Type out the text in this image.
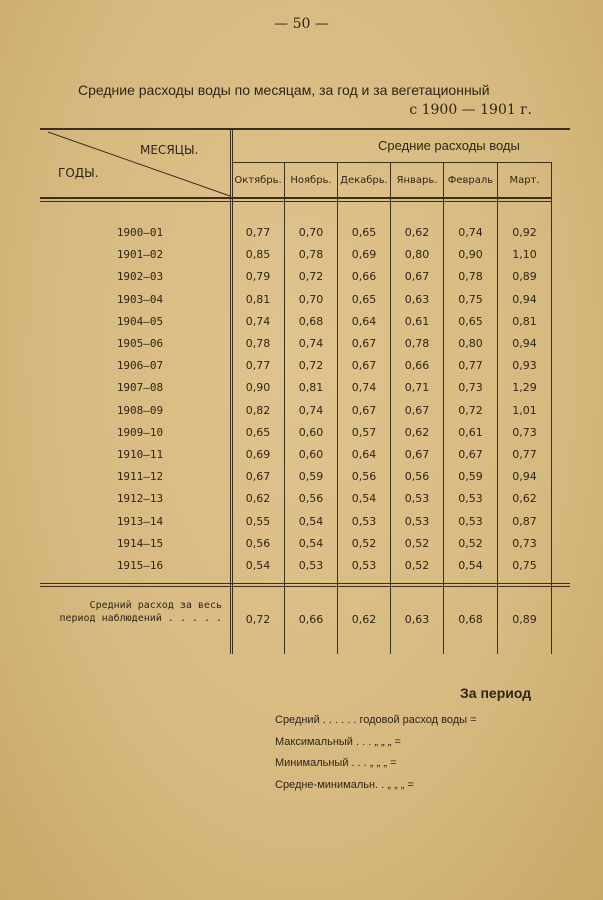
— 50 —
Средние расходы воды по месяцам, за год и за вегетационный
с 1900 — 1901 г.
МЕСЯЦЫ.
ГОДЫ.
Средние расходы воды
Октябрь. Ноябрь. Декабрь. Январь.	Февраль	Март.
1900—01	0,77	0,70	0,65	0,62	0,74	0,92
1901—02	0,85	0,78	0,69	0,80	0,90	1,10
1902—03	0,79	0,72	0,66	0,67	0,78	0,89
1903—04	0,81	0,70	0,65	0,63	0,75	0,94
1904—05	0,74	0,68	0,64	0,61	0,65	0,81
1905—06	0,78	0,74	0,67	0,78	0,80	0,94
1906—07	0,77	0,72	0,67	0,66	0,77	0,93
1907—08	0,90	0,81	0,74	0,71	0,73	1,29
1908—09	0,82	0,74	0,67	0,67	0,72	1,01
1909—10	0,65	0,60	0,57	0,62	0,61	0,73
1910—11	0,69	0,60	0,64	0,67	0,67	0,77
1911—12	0,67	0,59	0,56	0,56	0,59	0,94
1912—13	0,62	0,56	0,54	0,53	0,53	0,62
1913—14	0,55	0,54	0,53	0,53	0,53	0,87
1914—15	0,56	0,54	0,52	0,52	0,52	0,73
1915—16	0,54	0,53	0,53	0,52	0,54	0,75
Средний расход за весь
период наблюдений . . . . .	0,72	0,66	0,62	0,63	0,68	0,89
За период
Средний . . . . . . годовой расход воды =
Максимальный . . . „ „ „ =
Минимальный . . . „ „ „ =
Средне-минимальн. . „ „ „ =
